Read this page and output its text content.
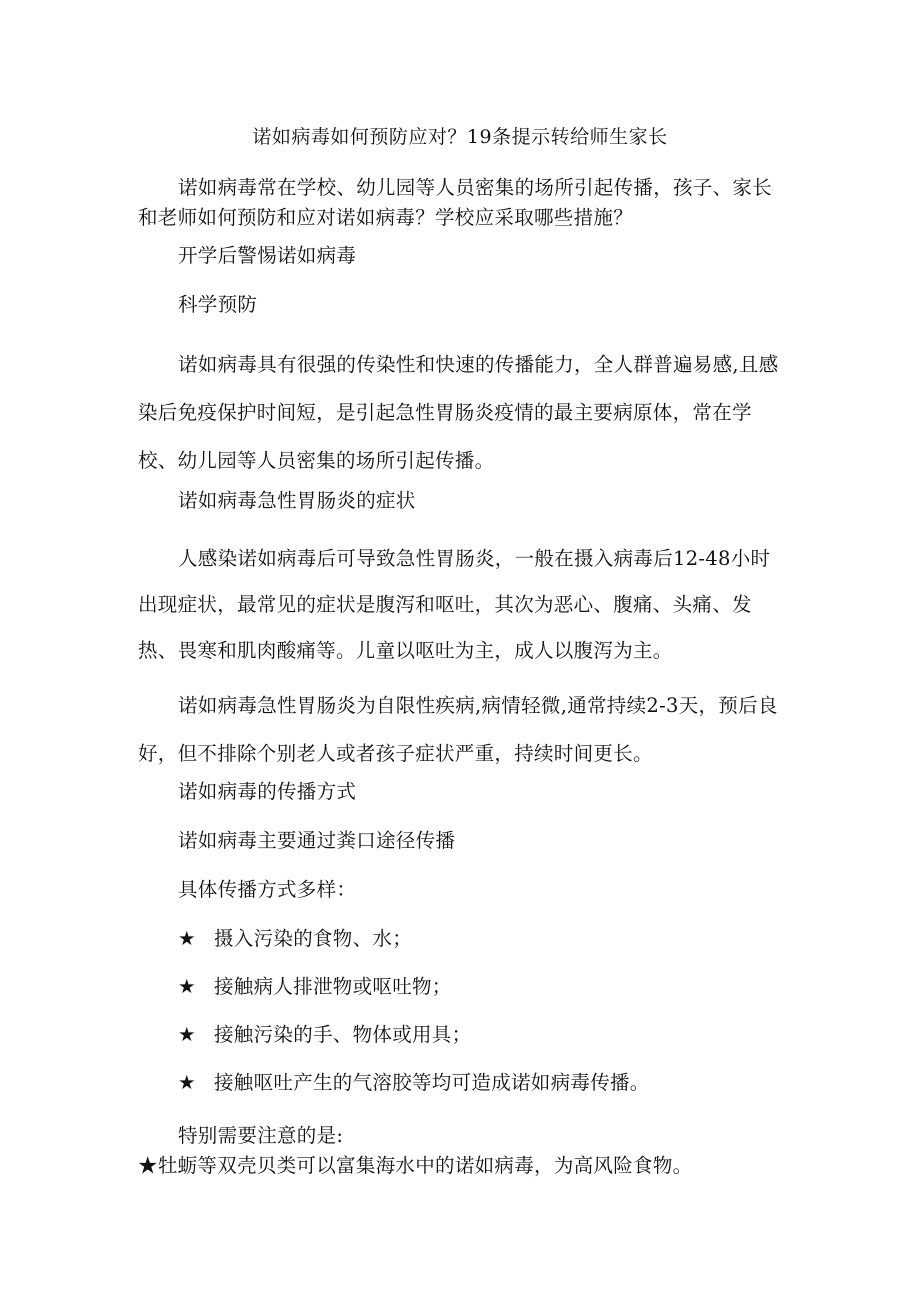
诺如病毒如何预防应对？19条提示转给师生家长
诺如病毒常在学校、幼儿园等人员密集的场所引起传播，孩子、家长和老师如何预防和应对诺如病毒？学校应采取哪些措施？
开学后警惕诺如病毒
科学预防
诺如病毒具有很强的传染性和快速的传播能力，全人群普遍易感,且感染后免疫保护时间短，是引起急性胃肠炎疫情的最主要病原体，常在学校、幼儿园等人员密集的场所引起传播。
诺如病毒急性胃肠炎的症状
人感染诺如病毒后可导致急性胃肠炎，一般在摄入病毒后12-48小时出现症状，最常见的症状是腹泻和呕吐，其次为恶心、腹痛、头痛、发热、畏寒和肌肉酸痛等。儿童以呕吐为主，成人以腹泻为主。
诺如病毒急性胃肠炎为自限性疾病,病情轻微,通常持续2-3天，预后良好，但不排除个别老人或者孩子症状严重，持续时间更长。
诺如病毒的传播方式
诺如病毒主要通过粪口途径传播
具体传播方式多样：
★ 摄入污染的食物、水；
★ 接触病人排泄物或呕吐物；
★ 接触污染的手、物体或用具；
★ 接触呕吐产生的气溶胶等均可造成诺如病毒传播。
特别需要注意的是:
★牡蛎等双壳贝类可以富集海水中的诺如病毒，为高风险食物。
